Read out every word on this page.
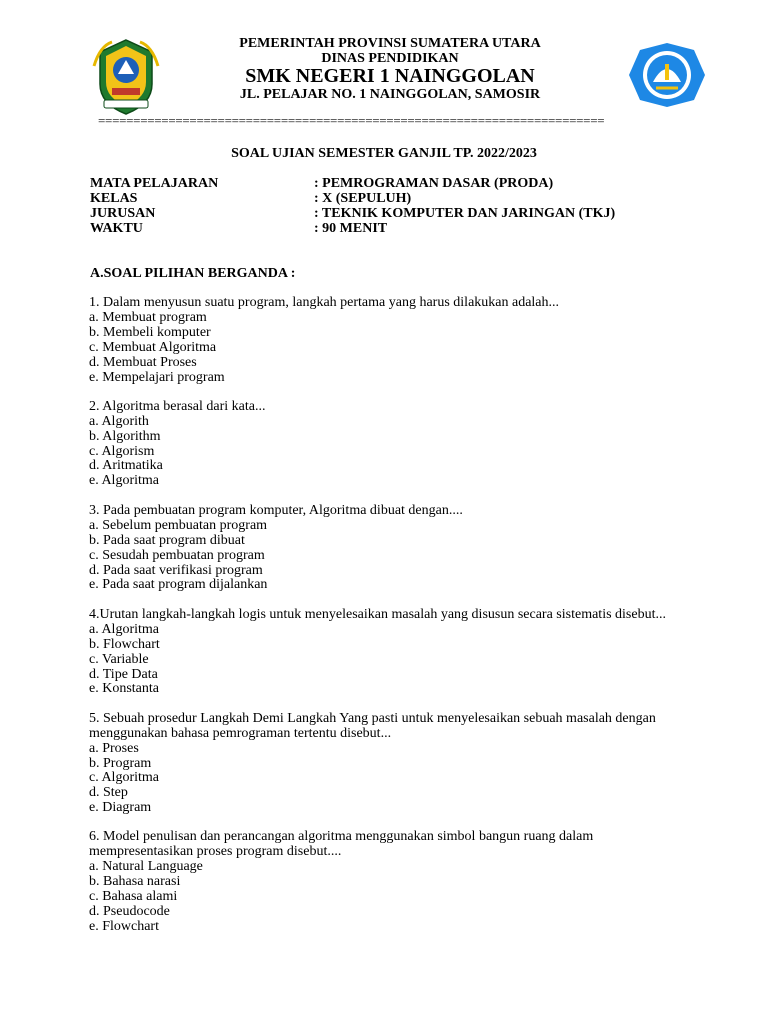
PEMERINTAH PROVINSI SUMATERA UTARA
DINAS PENDIDIKAN
SMK NEGERI 1 NAINGGOLAN
JL. PELAJAR NO. 1 NAINGGOLAN, SAMOSIR
========================================================================
SOAL UJIAN SEMESTER GANJIL TP. 2022/2023
MATA PELAJARAN	: PEMROGRAMAN DASAR (PRODA)
KELAS	: X (SEPULUH)
JURUSAN	: TEKNIK KOMPUTER DAN JARINGAN (TKJ)
WAKTU	: 90 MENIT
A.SOAL PILIHAN BERGANDA :
1. Dalam menyusun suatu program, langkah pertama yang harus dilakukan adalah...
a. Membuat program
b. Membeli komputer
c. Membuat Algoritma
d. Membuat Proses
e. Mempelajari program
2. Algoritma berasal dari kata...
a. Algorith
b. Algorithm
c. Algorism
d. Aritmatika
e. Algoritma
3. Pada pembuatan program komputer, Algoritma dibuat dengan....
a. Sebelum pembuatan program
b. Pada saat program dibuat
c. Sesudah pembuatan program
d. Pada saat verifikasi program
e. Pada saat program dijalankan
4.Urutan langkah-langkah logis untuk menyelesaikan masalah yang disusun secara sistematis disebut...
a. Algoritma
b. Flowchart
c. Variable
d. Tipe Data
e. Konstanta
5. Sebuah prosedur Langkah Demi Langkah Yang pasti untuk menyelesaikan sebuah masalah dengan
menggunakan bahasa pemrograman tertentu disebut...
a. Proses
b. Program
c. Algoritma
d. Step
e. Diagram
6. Model penulisan dan perancangan algoritma menggunakan simbol bangun ruang dalam
mempresentasikan proses program disebut....
a. Natural Language
b. Bahasa narasi
c. Bahasa alami
d. Pseudocode
e. Flowchart
